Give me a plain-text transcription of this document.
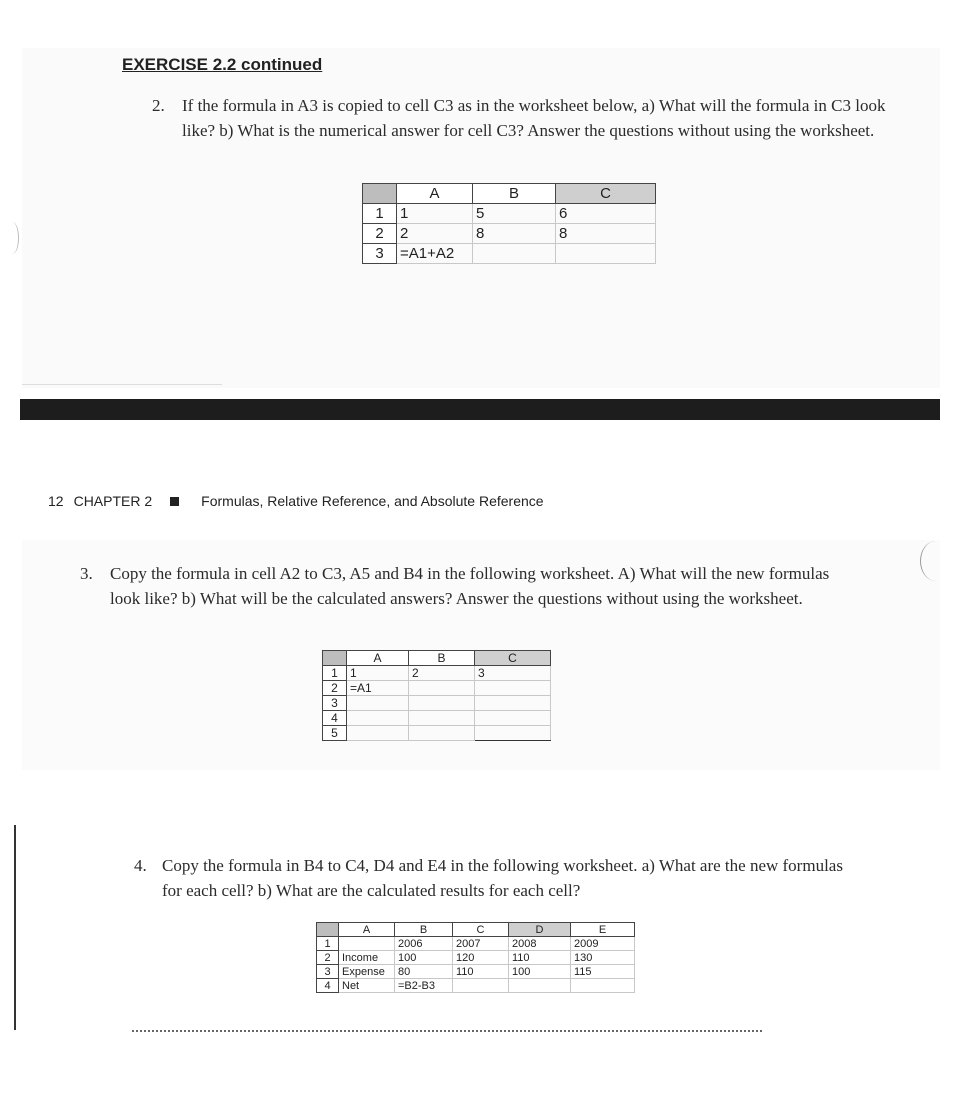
EXERCISE 2.2 continued
2. If the formula in A3 is copied to cell C3 as in the worksheet below, a) What will the formula in C3 look like? b) What is the numerical answer for cell C3? Answer the questions without using the worksheet.
	A	B	C
1	1	5	6
2	2	8	8
3	=A1+A2		
12 CHAPTER 2	Formulas, Relative Reference, and Absolute Reference
3. Copy the formula in cell A2 to C3, A5 and B4 in the following worksheet. A) What will the new formulas look like? b) What will be the calculated answers? Answer the questions without using the worksheet.
	A	B	C
1	1	2	3
2	=A1		
3			
4			
5			
4. Copy the formula in B4 to C4, D4 and E4 in the following worksheet. a) What are the new formulas for each cell? b) What are the calculated results for each cell?
	A	B	C	D	E
1		2006	2007	2008	2009
2	Income	100	120	110	130
3	Expense	80	110	100	115
4	Net	=B2-B3			
